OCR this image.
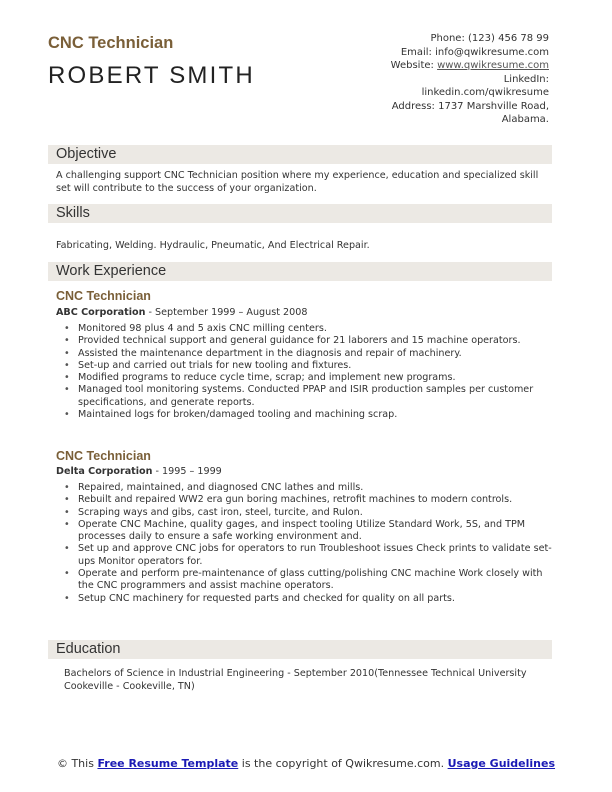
CNC Technician
ROBERT SMITH
Phone: (123) 456 78 99
Email: info@qwikresume.com
Website: www.qwikresume.com
LinkedIn:
linkedin.com/qwikresume
Address: 1737 Marshville Road,
Alabama.
Objective
A challenging support CNC Technician position where my experience, education and specialized skill set will contribute to the success of your organization.
Skills
Fabricating, Welding. Hydraulic, Pneumatic, And Electrical Repair.
Work Experience
CNC Technician
ABC Corporation - September 1999 – August 2008
• Monitored 98 plus 4 and 5 axis CNC milling centers.
• Provided technical support and general guidance for 21 laborers and 15 machine operators.
• Assisted the maintenance department in the diagnosis and repair of machinery.
• Set-up and carried out trials for new tooling and fixtures.
• Modified programs to reduce cycle time, scrap; and implement new programs.
• Managed tool monitoring systems. Conducted PPAP and ISIR production samples per customer specifications, and generate reports.
• Maintained logs for broken/damaged tooling and machining scrap.
CNC Technician
Delta Corporation - 1995 – 1999
• Repaired, maintained, and diagnosed CNC lathes and mills.
• Rebuilt and repaired WW2 era gun boring machines, retrofit machines to modern controls.
• Scraping ways and gibs, cast iron, steel, turcite, and Rulon.
• Operate CNC Machine, quality gages, and inspect tooling Utilize Standard Work, 5S, and TPM processes daily to ensure a safe working environment and.
• Set up and approve CNC jobs for operators to run Troubleshoot issues Check prints to validate set-ups Monitor operators for.
• Operate and perform pre-maintenance of glass cutting/polishing CNC machine Work closely with the CNC programmers and assist machine operators.
• Setup CNC machinery for requested parts and checked for quality on all parts.
Education
Bachelors of Science in Industrial Engineering - September 2010(Tennessee Technical University Cookeville - Cookeville, TN)
© This Free Resume Template is the copyright of Qwikresume.com. Usage Guidelines
